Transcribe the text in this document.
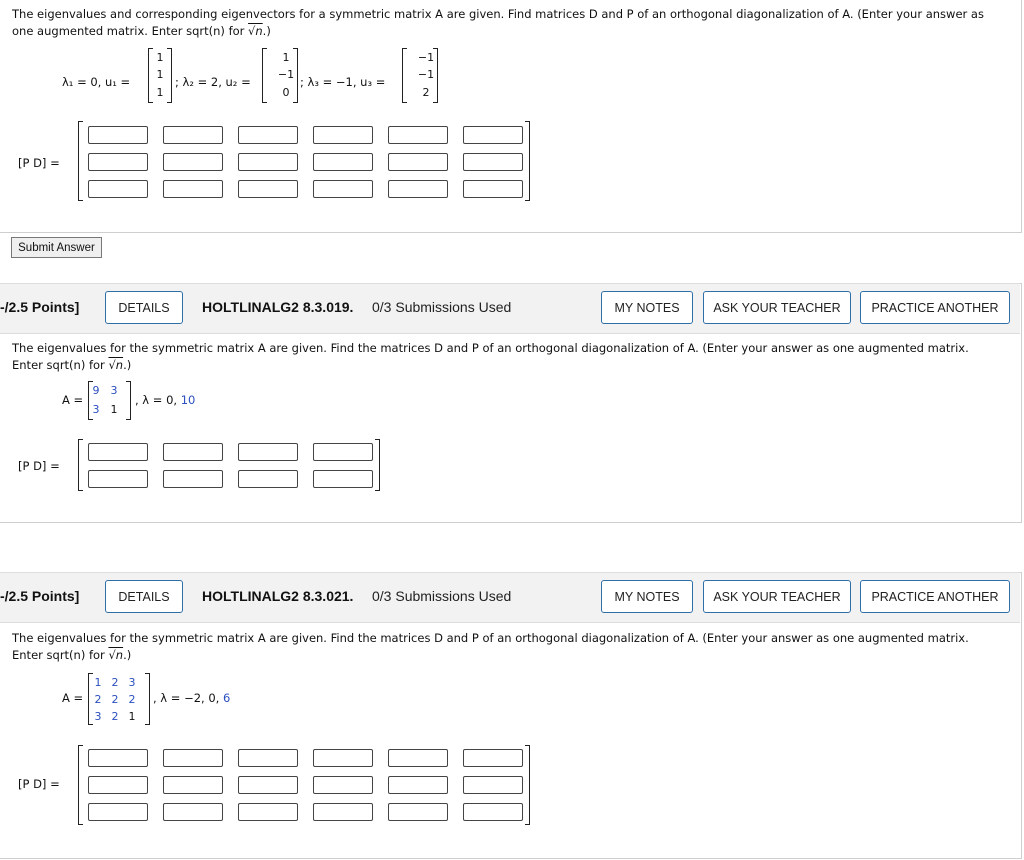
The eigenvalues and corresponding eigenvectors for a symmetric matrix A are given. Find matrices D and P of an orthogonal diagonalization of A. (Enter your answer as
one augmented matrix. Enter sqrt(n) for √n.)
λ₁ = 0, u₁ =
1
1
1
; λ₂ = 2, u₂ =
1
−1
0
; λ₃ = −1, u₃ =
−1
−1
2
[P D] =
Submit Answer
-/2.5 Points]	DETAILS	HOLTLINALG2 8.3.019. 0/3 Submissions Used	MY NOTES	ASK YOUR TEACHER	PRACTICE ANOTHER
The eigenvalues for the symmetric matrix A are given. Find the matrices D and P of an orthogonal diagonalization of A. (Enter your answer as one augmented matrix.
Enter sqrt(n) for √n.)
A =
9	3
3	1
, λ = 0, 10
[P D] =
-/2.5 Points]	DETAILS	HOLTLINALG2 8.3.021. 0/3 Submissions Used	MY NOTES	ASK YOUR TEACHER	PRACTICE ANOTHER
The eigenvalues for the symmetric matrix A are given. Find the matrices D and P of an orthogonal diagonalization of A. (Enter your answer as one augmented matrix.
Enter sqrt(n) for √n.)
A =
1 2 3
2 2 2
3 2 1
, λ = −2, 0, 6
[P D] =
